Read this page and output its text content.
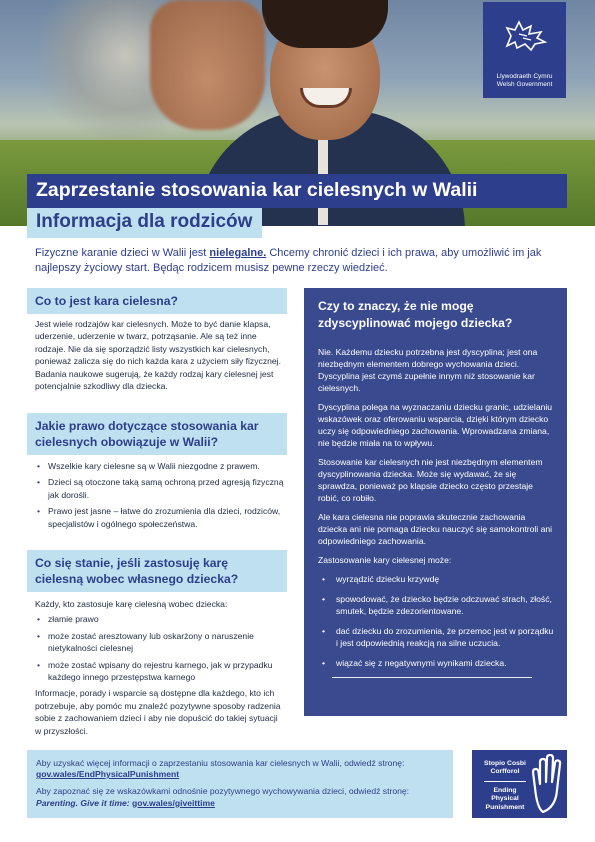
Llywodraeth Cymru
Welsh Government
Zaprzestanie stosowania kar cielesnych w Walii
Informacja dla rodziców
Fizyczne karanie dzieci w Walii jest nielegalne. Chcemy chronić dzieci i ich prawa, aby umożliwić im jak najlepszy życiowy start. Będąc rodzicem musisz pewne rzeczy wiedzieć.
Co to jest kara cielesna?

Jest wiele rodzajów kar cielesnych. Może to być danie klapsa, uderzenie, uderzenie w twarz, potrząsanie. Ale są też inne rodzaje. Nie da się sporządzić listy wszystkich kar cielesnych, ponieważ zalicza się do nich każda kara z użyciem siły fizycznej. Badania naukowe sugerują, że każdy rodzaj kary cielesnej jest potencjalnie szkodliwy dla dziecka.

Jakie prawo dotyczące stosowania kar cielesnych obowiązuje w Walii?
• Wszelkie kary cielesne są w Walii niezgodne z prawem.
• Dzieci są otoczone taką samą ochroną przed agresją fizyczną jak dorośli.
• Prawo jest jasne – łatwe do zrozumienia dla dzieci, rodziców, specjalistów i ogólnego społeczeństwa.
Co się stanie, jeśli zastosuję karę cielesną wobec własnego dziecka?

Każdy, kto zastosuje karę cielesną wobec dziecka:

• złamie prawo
• może zostać aresztowany lub oskarżony o naruszenie nietykalności cielesnej
• może zostać wpisany do rejestru karnego, jak w przypadku każdego innego przestępstwa karnego

Informacje, porady i wsparcie są dostępne dla każdego, kto ich potrzebuje, aby pomóc mu znaleźć pozytywne sposoby radzenia sobie z zachowaniem dzieci i aby nie dopuścić do takiej sytuacji w przyszłości.

Czy to znaczy, że nie mogę zdyscyplinować mojego dziecka?

Nie. Każdemu dziecku potrzebna jest dyscyplina; jest ona niezbędnym elementem dobrego wychowania dzieci. Dyscyplina jest czymś zupełnie innym niż stosowanie kar cielesnych.

Dyscyplina polega na wyznaczaniu dziecku granic, udzielaniu wskazówek oraz oferowaniu wsparcia, dzięki którym dziecko uczy się odpowiedniego zachowania. Wprowadzana zmiana, nie będzie miała na to wpływu.

Stosowanie kar cielesnych nie jest niezbędnym elementem dyscyplinowania dziecka. Może się wydawać, że się sprawdza, ponieważ po klapsie dziecko często przestaje robić, co robiło.

Ale kara cielesna nie poprawia skutecznie zachowania dziecka ani nie pomaga dziecku nauczyć się samokontroli ani odpowiedniego zachowania.

Zastosowanie kary cielesnej może:

• wyrządzić dziecku krzywdę
• spowodować, że dziecko będzie odczuwać strach, złość, smutek, będzie zdezorientowane.
• dać dziecku do zrozumienia, że przemoc jest w porządku i jest odpowiednią reakcją na silne uczucia.
• wiązać się z negatywnymi wynikami dziecka.

Aby uzyskać więcej informacji o zaprzestaniu stosowania kar cielesnych w Walii, odwiedź stronę: gov.wales/EndPhysicalPunishment

Aby zapoznać się ze wskazówkami odnośnie pozytywnego wychowywania dzieci, odwiedź stronę: Parenting. Give it time: gov.wales/giveittime

Stopio Cosbi Corfforol
Ending Physical Punishment
